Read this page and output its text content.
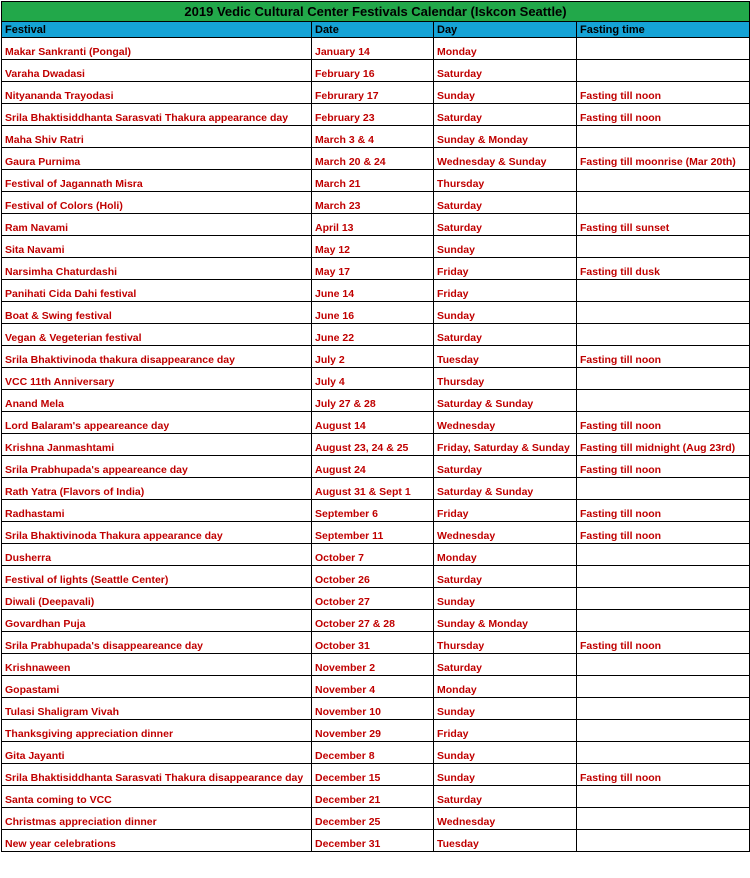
2019 Vedic Cultural Center Festivals Calendar (Iskcon Seattle)			
Festival	Date	Day	Fasting time
Makar Sankranti (Pongal)	January 14	Monday	
Varaha Dwadasi	February 16	Saturday	
Nityananda Trayodasi	Februrary 17	Sunday	Fasting till noon
Srila Bhaktisiddhanta Sarasvati Thakura appearance day	February 23	Saturday	Fasting till noon
Maha Shiv Ratri	March 3 & 4	Sunday & Monday	
Gaura Purnima	March 20 & 24	Wednesday & Sunday	Fasting till moonrise (Mar 20th)
Festival of Jagannath Misra	March 21	Thursday	
Festival of Colors (Holi)	March 23	Saturday	
Ram Navami	April 13	Saturday	Fasting till sunset
Sita Navami	May 12	Sunday	
Narsimha Chaturdashi	May 17	Friday	Fasting till dusk
Panihati Cida Dahi festival	June 14	Friday	
Boat & Swing festival	June 16	Sunday	
Vegan & Vegeterian festival	June 22	Saturday	
Srila Bhaktivinoda thakura disappearance day	July 2	Tuesday	Fasting till noon
VCC 11th Anniversary	July 4	Thursday	
Anand Mela	July 27 & 28	Saturday & Sunday	
Lord Balaram's appeareance day	August 14	Wednesday	Fasting till noon
Krishna Janmashtami	August 23, 24 & 25	Friday, Saturday & Sunday	Fasting till midnight (Aug 23rd)
Srila Prabhupada's appeareance day	August 24	Saturday	Fasting till noon
Rath Yatra (Flavors of India)	August 31 & Sept 1	Saturday & Sunday	
Radhastami	September 6	Friday	Fasting till noon
Srila Bhaktivinoda Thakura appearance day	September 11	Wednesday	Fasting till noon
Dusherra	October 7	Monday	
Festival of lights (Seattle Center)	October 26	Saturday	
Diwali (Deepavali)	October 27	Sunday	
Govardhan Puja	October 27 & 28	Sunday & Monday	
Srila Prabhupada's disappeareance day	October 31	Thursday	Fasting till noon
Krishnaween	November 2	Saturday	
Gopastami	November 4	Monday	
Tulasi Shaligram Vivah	November 10	Sunday	
Thanksgiving appreciation dinner	November 29	Friday	
Gita Jayanti	December 8	Sunday	
Srila Bhaktisiddhanta Sarasvati Thakura disappearance day	December 15	Sunday	Fasting till noon
Santa coming to VCC	December 21	Saturday	
Christmas appreciation dinner	December 25	Wednesday	
New year celebrations	December 31	Tuesday	
